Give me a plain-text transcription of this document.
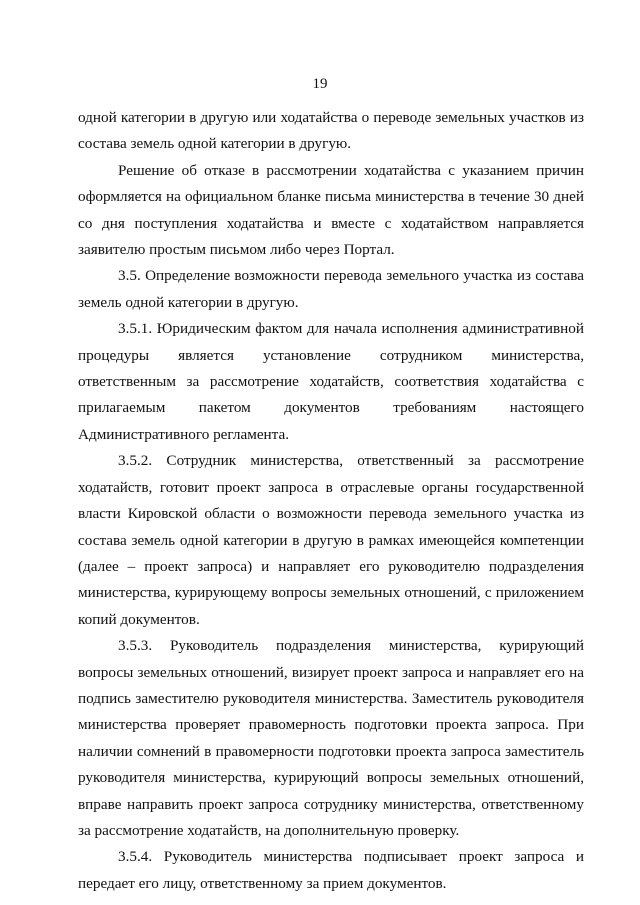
19

одной категории в другую или ходатайства о переводе земельных участков из состава земель одной категории в другую.

Решение об отказе в рассмотрении ходатайства с указанием причин оформляется на официальном бланке письма министерства в течение 30 дней со дня поступления ходатайства и вместе с ходатайством направляется заявителю простым письмом либо через Портал.

3.5. Определение возможности перевода земельного участка из состава земель одной категории в другую.

3.5.1. Юридическим фактом для начала исполнения административной процедуры является установление сотрудником министерства, ответственным за рассмотрение ходатайств, соответствия ходатайства с прилагаемым пакетом документов требованиям настоящего Административного регламента.

3.5.2. Сотрудник министерства, ответственный за рассмотрение ходатайств, готовит проект запроса в отраслевые органы государственной власти Кировской области о возможности перевода земельного участка из состава земель одной категории в другую в рамках имеющейся компетенции (далее – проект запроса) и направляет его руководителю подразделения министерства, курирующему вопросы земельных отношений, с приложением копий документов.

3.5.3. Руководитель подразделения министерства, курирующий вопросы земельных отношений, визирует проект запроса и направляет его на подпись заместителю руководителя министерства. Заместитель руководителя министерства проверяет правомерность подготовки проекта запроса. При наличии сомнений в правомерности подготовки проекта запроса заместитель руководителя министерства, курирующий вопросы земельных отношений, вправе направить проект запроса сотруднику министерства, ответственному за рассмотрение ходатайств, на дополнительную проверку.

3.5.4. Руководитель министерства подписывает проект запроса и передает его лицу, ответственному за прием документов.
